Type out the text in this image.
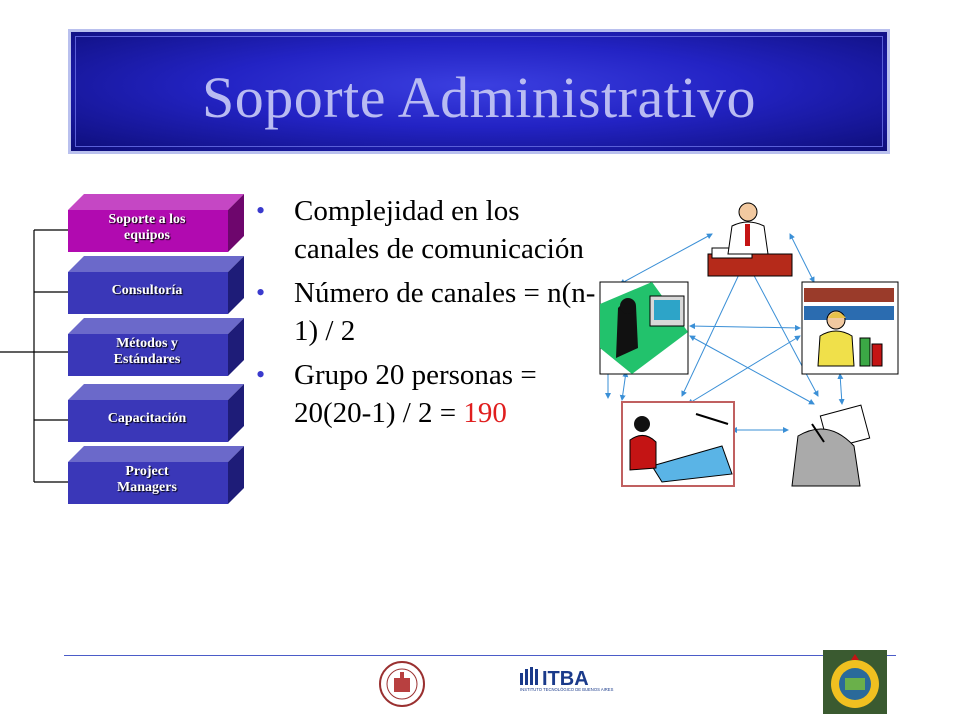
Soporte Administrativo
Soporte a los
equipos
Consultoría
Métodos y
Estándares
Capacitación
Project
Managers
• Complejidad en los canales de comunicación
• Número de canales = n(n-1) / 2
• Grupo 20 personas = 20(20-1) / 2 = 190
ITBA
INSTITUTO TECNOLÓGICO DE BUENOS AIRES
